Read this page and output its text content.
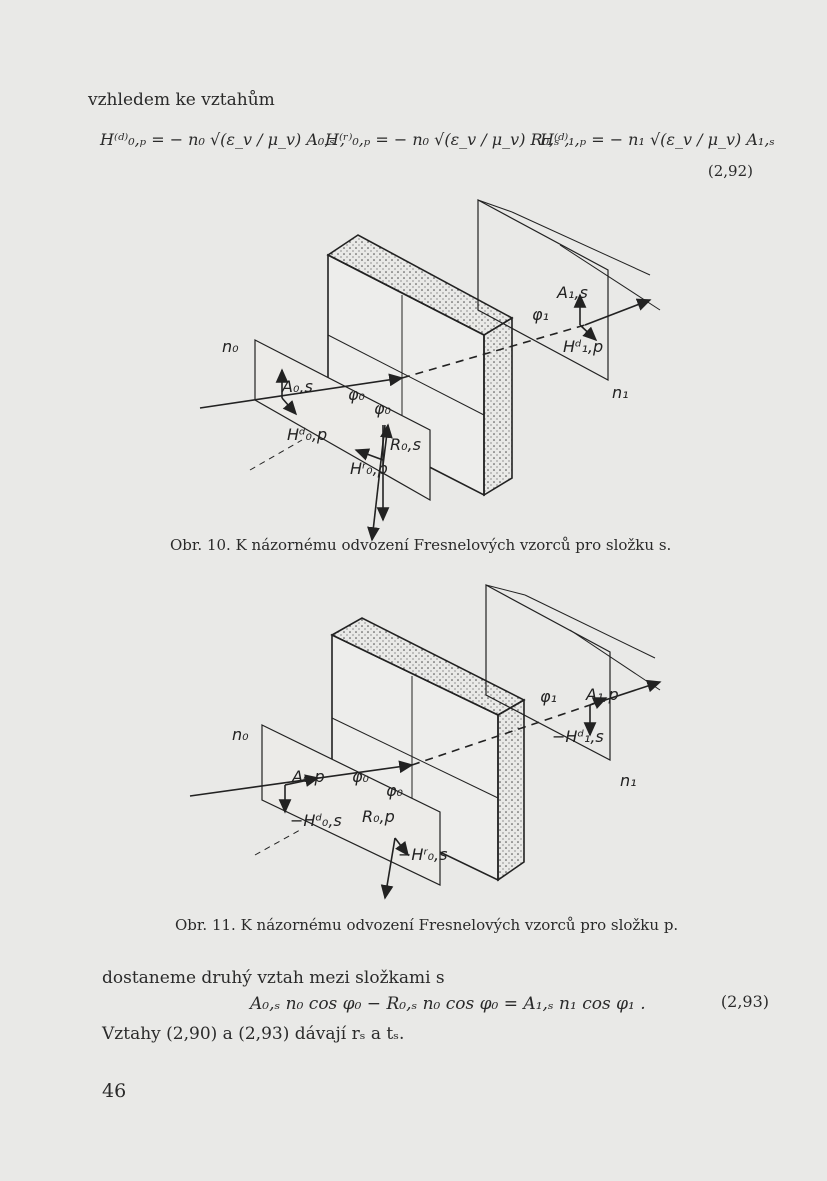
vzhledem ke vztahům
H⁽ᵈ⁾₀,ₚ = − n₀ √(ε_v / μ_v) A₀,ₛ ,
H⁽ʳ⁾₀,ₚ = − n₀ √(ε_v / μ_v) R₀,ₛ ,
H⁽ᵈ⁾₁,ₚ = − n₁ √(ε_v / μ_v) A₁,ₛ
(2,92)
n₀
n₁
A₀,s
Hᵈ₀,p
R₀,s
Hʳ₀,p
A₁,s
Hᵈ₁,p
φ₀
φ₀
φ₁
Obr. 10. K názornému odvození Fresnelových vzorců pro složku s.
n₀
n₁
A₀,p
−Hᵈ₀,s R₀,p
−Hʳ₀,s
A₁,p
−Hᵈ₁,s
φ₀
φ₀
φ₁
Obr. 11. K názornému odvození Fresnelových vzorců pro složku p.
dostaneme druhý vztah mezi složkami s
A₀,ₛ n₀ cos φ₀ − R₀,ₛ n₀ cos φ₀ = A₁,ₛ n₁ cos φ₁ .	(2,93)
Vztahy (2,90) a (2,93) dávají rₛ a tₛ.
46
